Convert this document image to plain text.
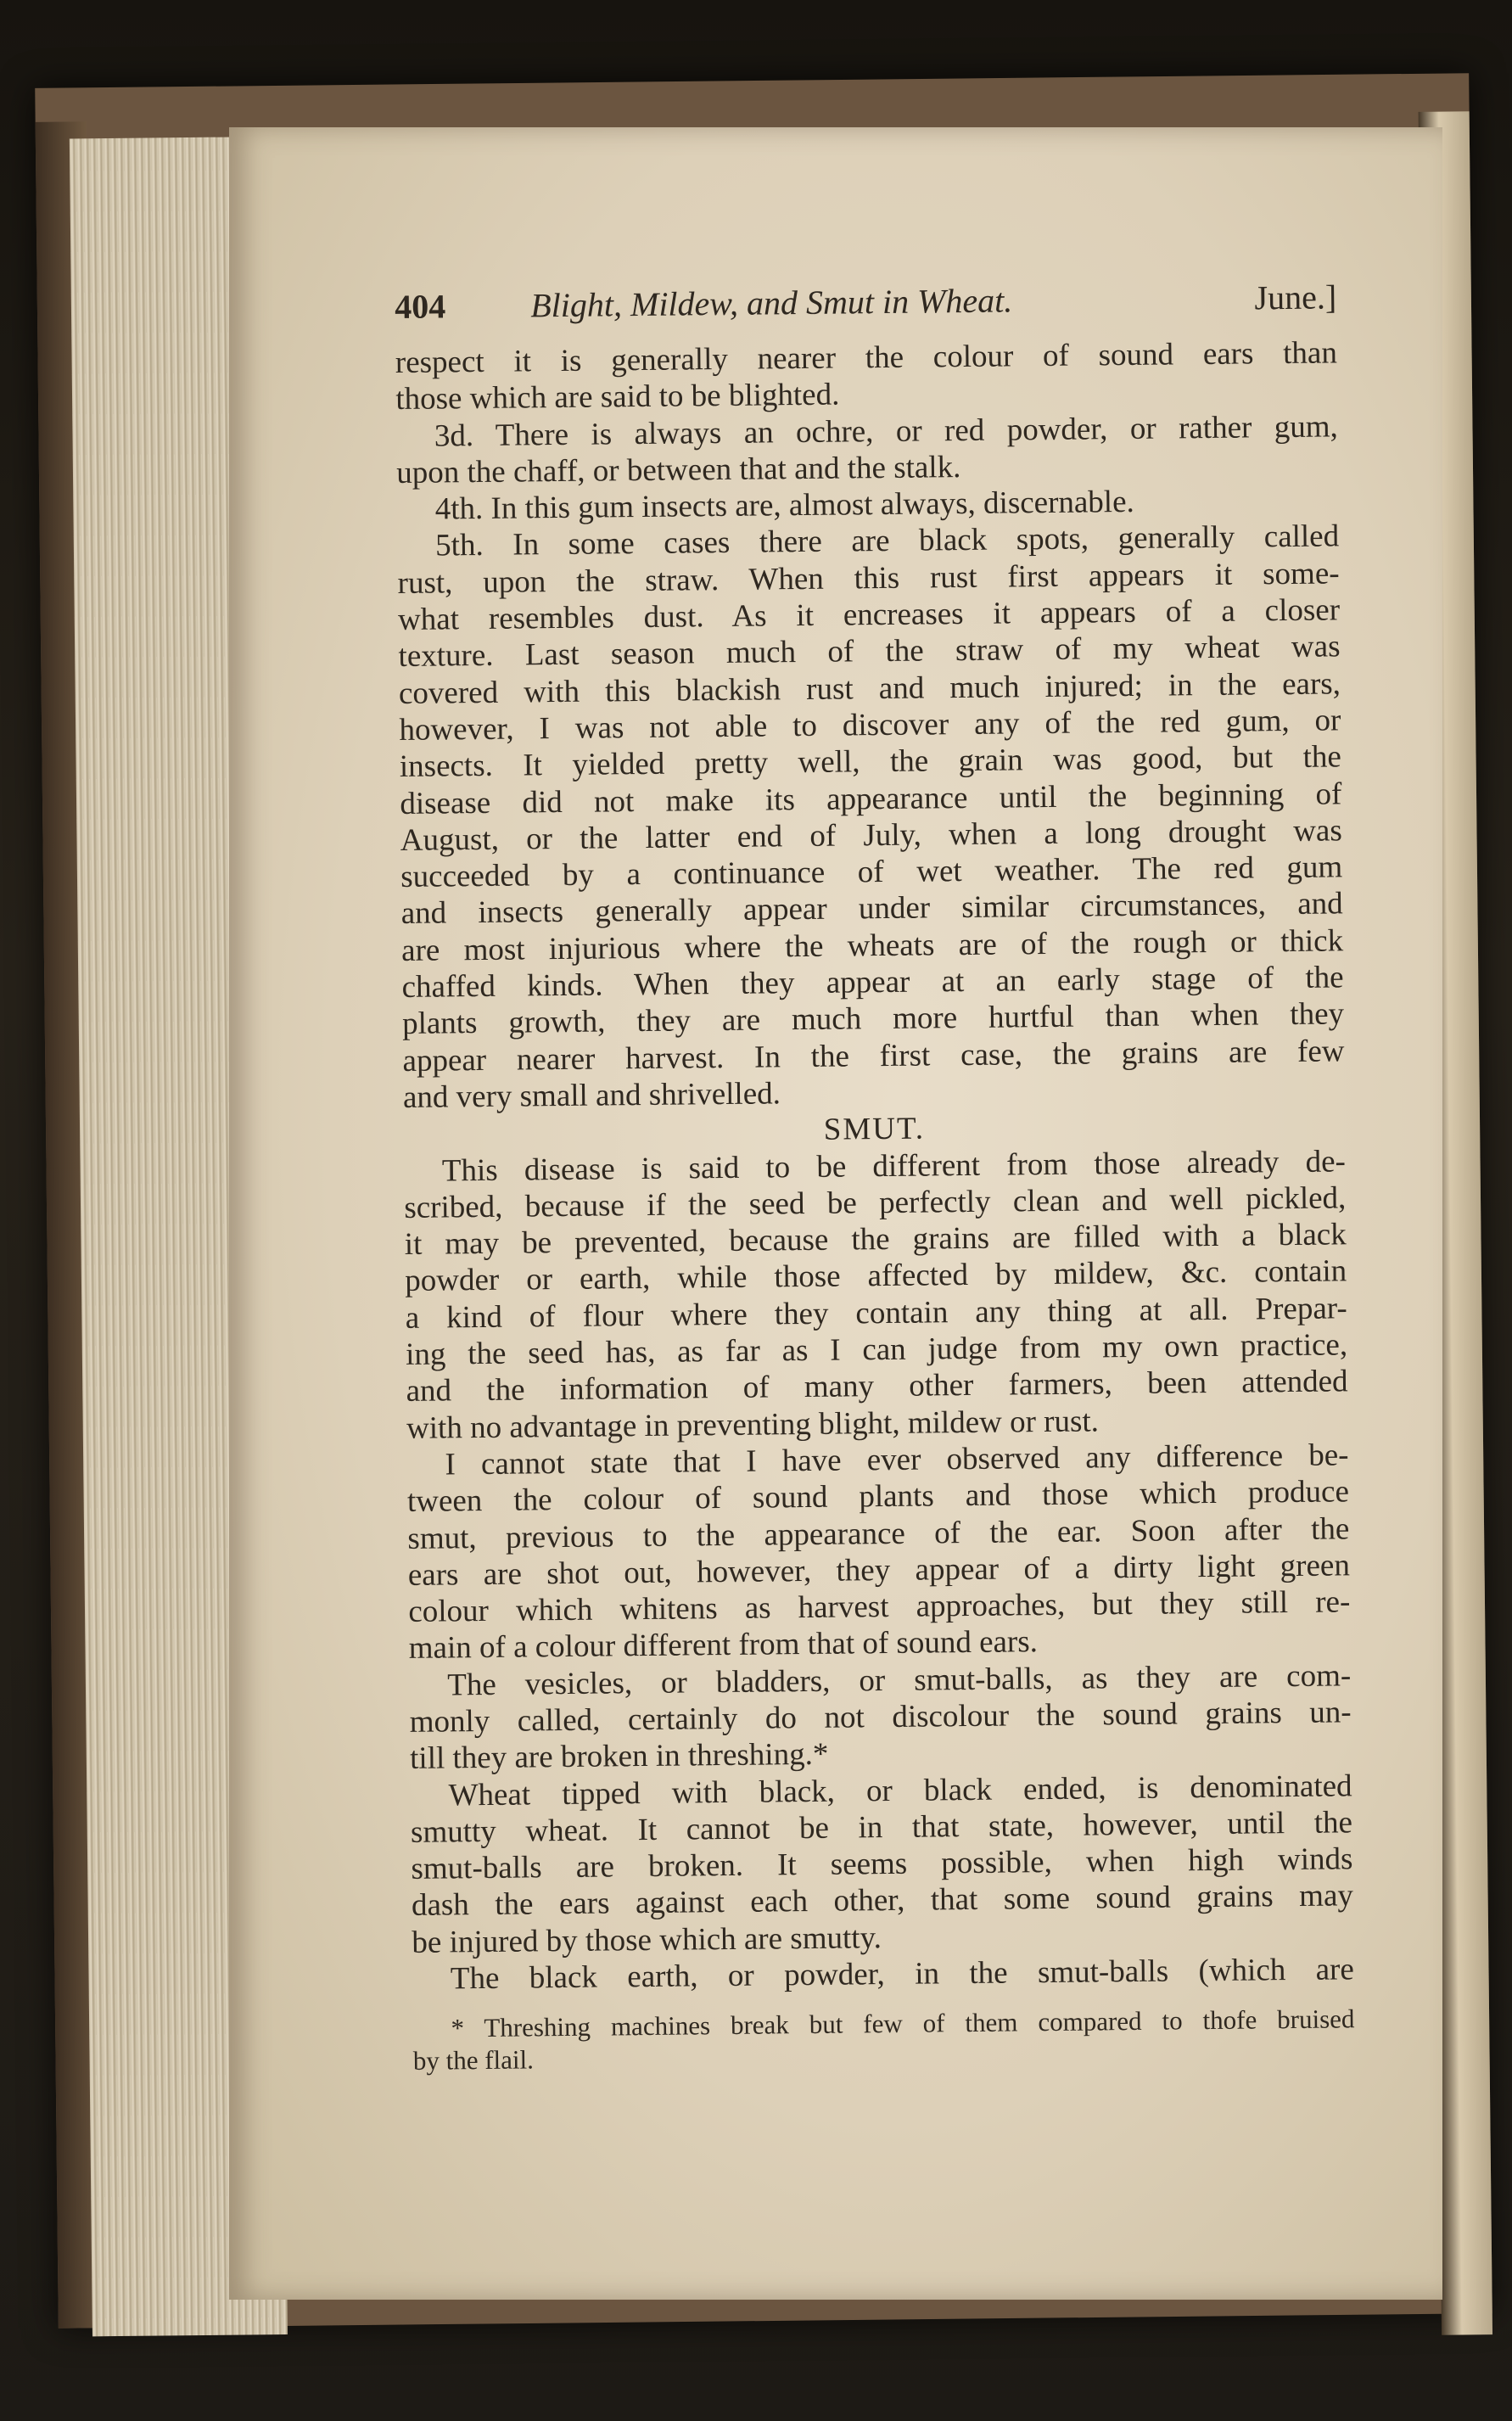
404 Blight, Mildew, and Smut in Wheat.	June.]
respect it is generally nearer the colour of sound ears than
those which are said to be blighted.
3d. There is always an ochre, or red powder, or rather gum,
upon the chaff, or between that and the stalk.
4th. In this gum insects are, almost always, discernable.
5th. In some cases there are black spots, generally called
rust, upon the straw. When this rust first appears it some-
what resembles dust. As it encreases it appears of a closer
texture. Last season much of the straw of my wheat was
covered with this blackish rust and much injured; in the ears,
however, I was not able to discover any of the red gum, or
insects. It yielded pretty well, the grain was good, but the
disease did not make its appearance until the beginning of
August, or the latter end of July, when a long drought was
succeeded by a continuance of wet weather. The red gum
and insects generally appear under similar circumstances, and
are most injurious where the wheats are of the rough or thick
chaffed kinds. When they appear at an early stage of the
plants growth, they are much more hurtful than when they
appear nearer harvest. In the first case, the grains are few
and very small and shrivelled.
SMUT.
This disease is said to be different from those already de-
scribed, because if the seed be perfectly clean and well pickled,
it may be prevented, because the grains are filled with a black
powder or earth, while those affected by mildew, &c. contain
a kind of flour where they contain any thing at all. Prepar-
ing the seed has, as far as I can judge from my own practice,
and the information of many other farmers, been attended
with no advantage in preventing blight, mildew or rust.
I cannot state that I have ever observed any difference be-
tween the colour of sound plants and those which produce
smut, previous to the appearance of the ear. Soon after the
ears are shot out, however, they appear of a dirty light green
colour which whitens as harvest approaches, but they still re-
main of a colour different from that of sound ears.
The vesicles, or bladders, or smut-balls, as they are com-
monly called, certainly do not discolour the sound grains un-
till they are broken in threshing.*
Wheat tipped with black, or black ended, is denominated
smutty wheat. It cannot be in that state, however, until the
smut-balls are broken. It seems possible, when high winds
dash the ears against each other, that some sound grains may
be injured by those which are smutty.
The black earth, or powder, in the smut-balls (which are
* Threshing machines break but few of them compared to thofe bruised
by the flail.
